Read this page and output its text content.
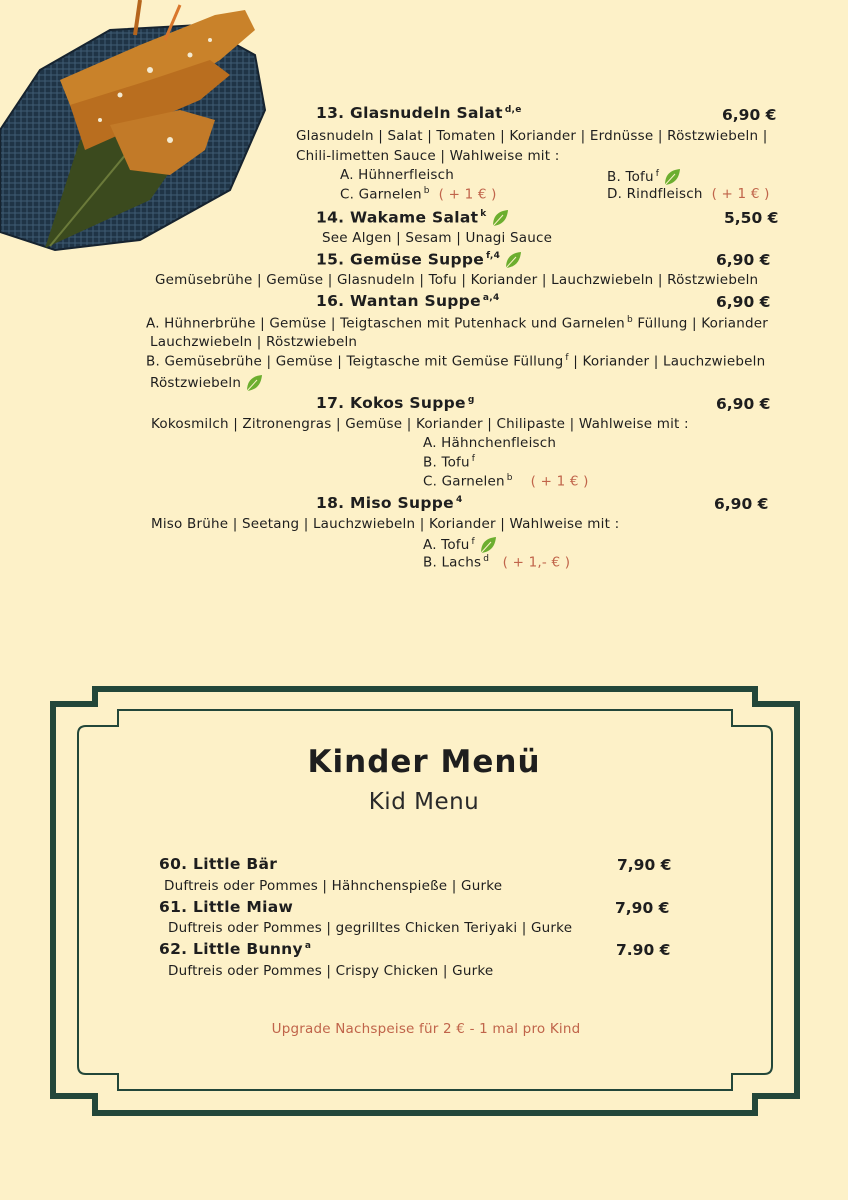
13. Glasnudeln Salat $^{d,e}$	6,90 €
Glasnudeln | Salat | Tomaten | Koriander | Erdnüsse | Röstzwiebeln |
Chili-limetten Sauce | Wahlweise mit :
A. Hühnerfleisch	B. Tofu $^f$
C. Garnelen $^b$ ( + 1 € )	D. Rindfleisch ( + 1 € )
14. Wakame Salat $^k$	5,50 €
See Algen | Sesam | Unagi Sauce
15. Gemüse Suppe $^{f,4}$	6,90 €
Gemüsebrühe | Gemüse | Glasnudeln | Tofu | Koriander | Lauchzwiebeln | Röstzwiebeln
16. Wantan Suppe $^{a,4}$	6,90 €
A. Hühnerbrühe | Gemüse | Teigtaschen mit Putenhack und Garnelen $^b$ Füllung | Koriander
Lauchzwiebeln | Röstzwiebeln
B. Gemüsebrühe | Gemüse | Teigtasche mit Gemüse Füllung $^f$ | Koriander | Lauchzwiebeln
Röstzwiebeln
17. Kokos Suppe $^g$	6,90 €
Kokosmilch | Zitronengras | Gemüse | Koriander | Chilipaste | Wahlweise mit :
A. Hähnchenfleisch
B. Tofu $^f$
C. Garnelen $^b$ ( + 1 € )
18. Miso Suppe $^4$	6,90 €
Miso Brühe | Seetang | Lauchzwiebeln | Koriander | Wahlweise mit :
A. Tofu $^f$
B. Lachs $^d$ ( + 1,- € )
Kinder Menü
Kid Menu
60. Little Bär	7,90 €
Duftreis oder Pommes | Hähnchenspieße | Gurke
61. Little Miaw	7,90 €
Duftreis oder Pommes | gegrilltes Chicken Teriyaki | Gurke
62. Little Bunny $^a$	7.90 €
Duftreis oder Pommes | Crispy Chicken | Gurke
Upgrade Nachspeise für 2 € - 1 mal pro Kind
